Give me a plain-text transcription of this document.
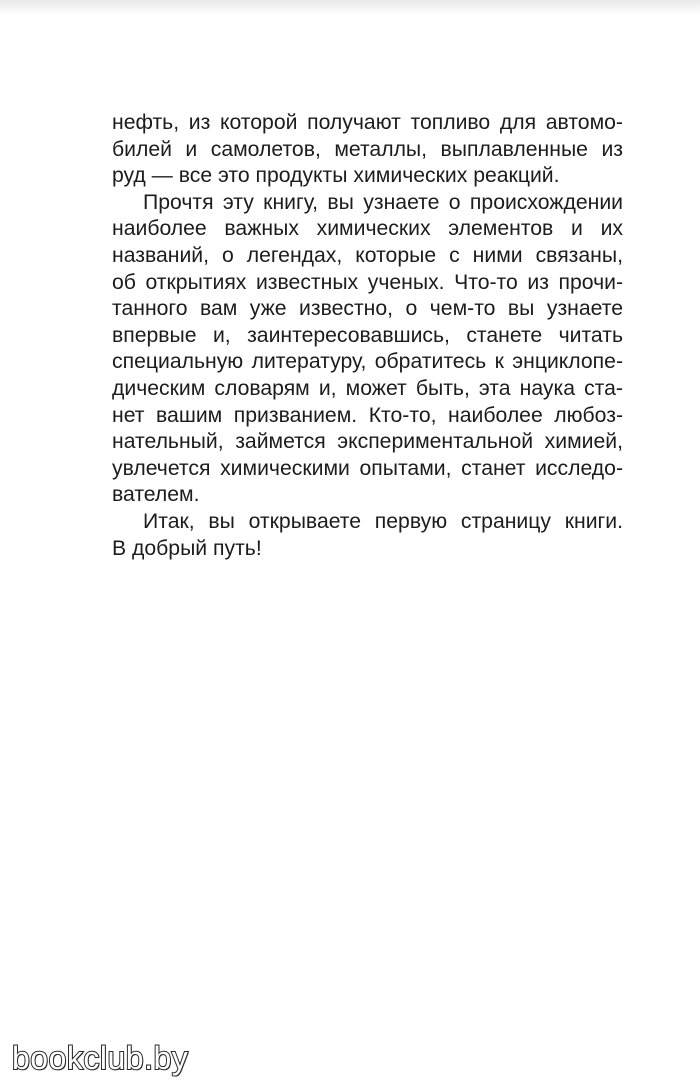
нефть, из которой получают топливо для автомо-
билей и самолетов, металлы, выплавленные из
руд — все это продукты химических реакций.
Прочтя эту книгу, вы узнаете о происхождении
наиболее важных химических элементов и их
названий, о легендах, которые с ними связаны,
об открытиях известных ученых. Что-то из прочи-
танного вам уже известно, о чем-то вы узнаете
впервые и, заинтересовавшись, станете читать
специальную литературу, обратитесь к энциклопе-
дическим словарям и, может быть, эта наука ста-
нет вашим призванием. Кто-то, наиболее любоз-
нательный, займется экспериментальной химией,
увлечется химическими опытами, станет исследо-
вателем.
Итак, вы открываете первую страницу книги.
В добрый путь!
bookclub.by
